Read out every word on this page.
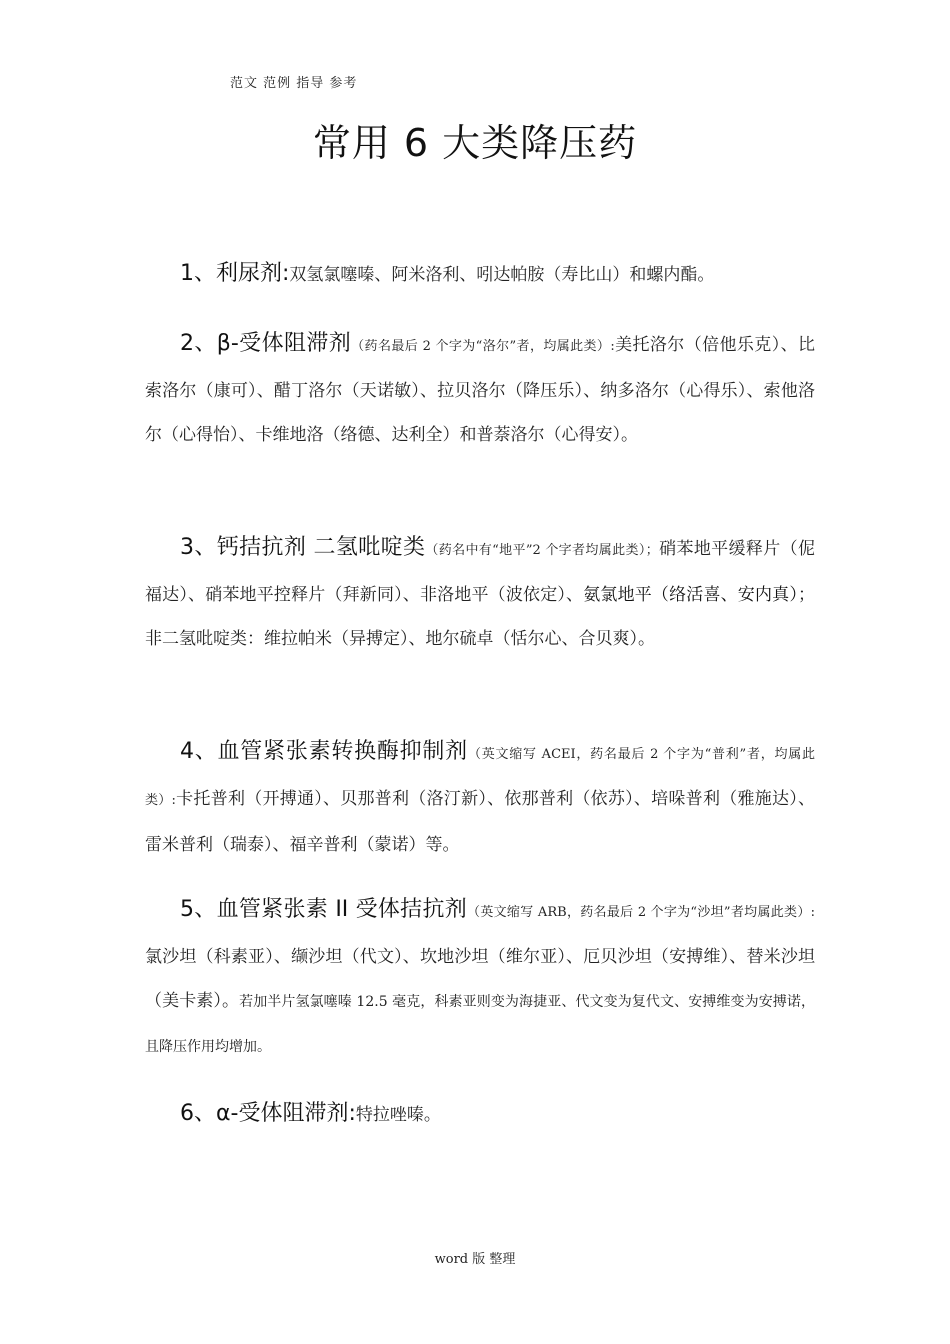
范文 范例 指导 参考
常用 6 大类降压药

1、利尿剂:双氢氯噻嗪、阿米洛利、吲达帕胺（寿比山）和螺内酯。

2、β-受体阻滞剂（药名最后 2 个字为“洛尔”者，均属此类）:美托洛尔（倍他乐克）、比索洛尔（康可）、醋丁洛尔（天诺敏）、拉贝洛尔（降压乐）、纳多洛尔（心得乐）、索他洛尔（心得怡）、卡维地洛（络德、达利全）和普萘洛尔（心得安）。

3、钙拮抗剂 二氢吡啶类（药名中有“地平”2 个字者均属此类）；硝苯地平缓释片（伲福达）、硝苯地平控释片（拜新同）、非洛地平（波依定）、氨氯地平（络活喜、安内真）；非二氢吡啶类：维拉帕米（异搏定）、地尔硫卓（恬尔心、合贝爽）。

4、血管紧张素转换酶抑制剂（英文缩写 ACEI，药名最后 2 个字为“普利”者，均属此类）:卡托普利（开搏通）、贝那普利（洛汀新）、依那普利（依苏）、培哚普利（雅施达）、雷米普利（瑞泰）、福辛普利（蒙诺）等。

5、血管紧张素 II 受体拮抗剂（英文缩写 ARB，药名最后 2 个字为“沙坦”者均属此类）:氯沙坦（科素亚）、缬沙坦（代文）、坎地沙坦（维尔亚）、厄贝沙坦（安搏维）、替米沙坦（美卡素）。若加半片氢氯噻嗪 12.5 毫克，科素亚则变为海捷亚、代文变为复代文、安搏维变为安搏诺，且降压作用均增加。

6、α-受体阻滞剂:特拉唑嗪。

word 版 整理
